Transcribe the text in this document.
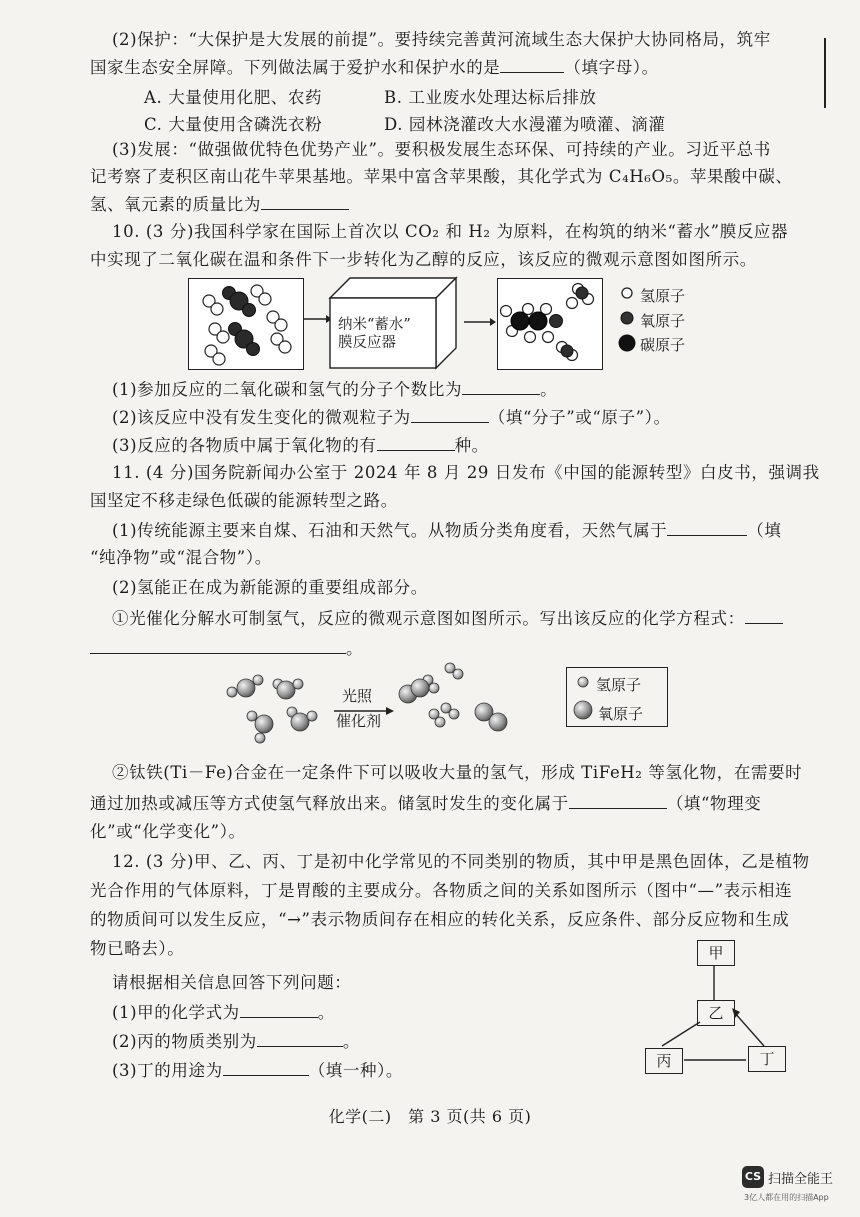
(2)保护：“大保护是大发展的前提”。要持续完善黄河流域生态大保护大协同格局，筑牢
国家生态安全屏障。下列做法属于爱护水和保护水的是	（填字母）。
A. 大量使用化肥、农药	B. 工业废水处理达标后排放
C. 大量使用含磷洗衣粉	D. 园林浇灌改大水漫灌为喷灌、滴灌
(3)发展：“做强做优特色优势产业”。要积极发展生态环保、可持续的产业。习近平总书
记考察了麦积区南山花牛苹果基地。苹果中富含苹果酸，其化学式为 C₄H₆O₅。苹果酸中碳、
氢、氧元素的质量比为
10. (3 分)我国科学家在国际上首次以 CO₂ 和 H₂ 为原料，在构筑的纳米“蓄水”膜反应器
中实现了二氧化碳在温和条件下一步转化为乙醇的反应，该反应的微观示意图如图所示。
纳米“蓄水”
膜反应器
氢原子
氧原子
碳原子
(1)参加反应的二氧化碳和氢气的分子个数比为	。
(2)该反应中没有发生变化的微观粒子为	（填“分子”或“原子”）。
(3)反应的各物质中属于氧化物的有	种。
11. (4 分)国务院新闻办公室于 2024 年 8 月 29 日发布《中国的能源转型》白皮书，强调我
国坚定不移走绿色低碳的能源转型之路。
(1)传统能源主要来自煤、石油和天然气。从物质分类角度看，天然气属于	（填
“纯净物”或“混合物”）。
(2)氢能正在成为新能源的重要组成部分。
①光催化分解水可制氢气，反应的微观示意图如图所示。写出该反应的化学方程式：
。
光照
催化剂
氢原子
氧原子
②钛铁(Ti－Fe)合金在一定条件下可以吸收大量的氢气，形成 TiFeH₂ 等氢化物，在需要时
通过加热或减压等方式使氢气释放出来。储氢时发生的变化属于	（填“物理变
化”或“化学变化”）。
12. (3 分)甲、乙、丙、丁是初中化学常见的不同类别的物质，其中甲是黑色固体，乙是植物
光合作用的气体原料，丁是胃酸的主要成分。各物质之间的关系如图所示（图中“—”表示相连
的物质间可以发生反应，“→”表示物质间存在相应的转化关系，反应条件、部分反应物和生成
物已略去）。
请根据相关信息回答下列问题：
(1)甲的化学式为	。
(2)丙的物质类别为	。
(3)丁的用途为	（填一种）。
甲
乙
丙	丁
化学(二)　第 3 页(共 6 页)
CS 扫描全能王
3亿人都在用的扫描App
